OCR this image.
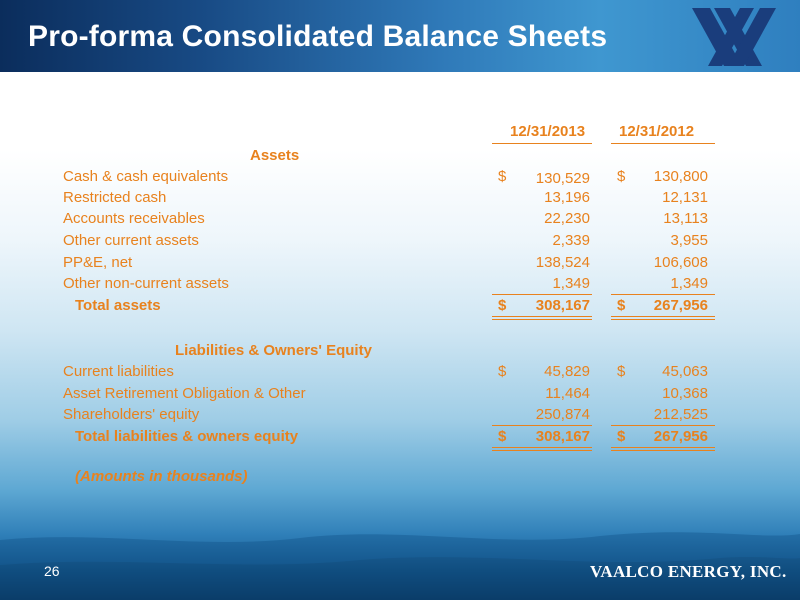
Pro-forma Consolidated Balance Sheets
12/31/2013 12/31/2012
Assets
Cash & cash equivalents	$	130,529 $	130,800
Restricted cash	13,196	12,131
Accounts receivables	22,230	13,113
Other current assets	2,339	3,955
PP&E, net	138,524	106,608
Other non-current assets	1,349	1,349
Total assets	$	308,167 $	267,956
Liabilities & Owners' Equity
Current liabilities	$	45,829 $	45,063
Asset Retirement Obligation & Other	11,464	10,368
Shareholders' equity	250,874	212,525
Total liabilities & owners equity	$	308,167 $	267,956
(Amounts in thousands)
26	VAALCO ENERGY, INC.
